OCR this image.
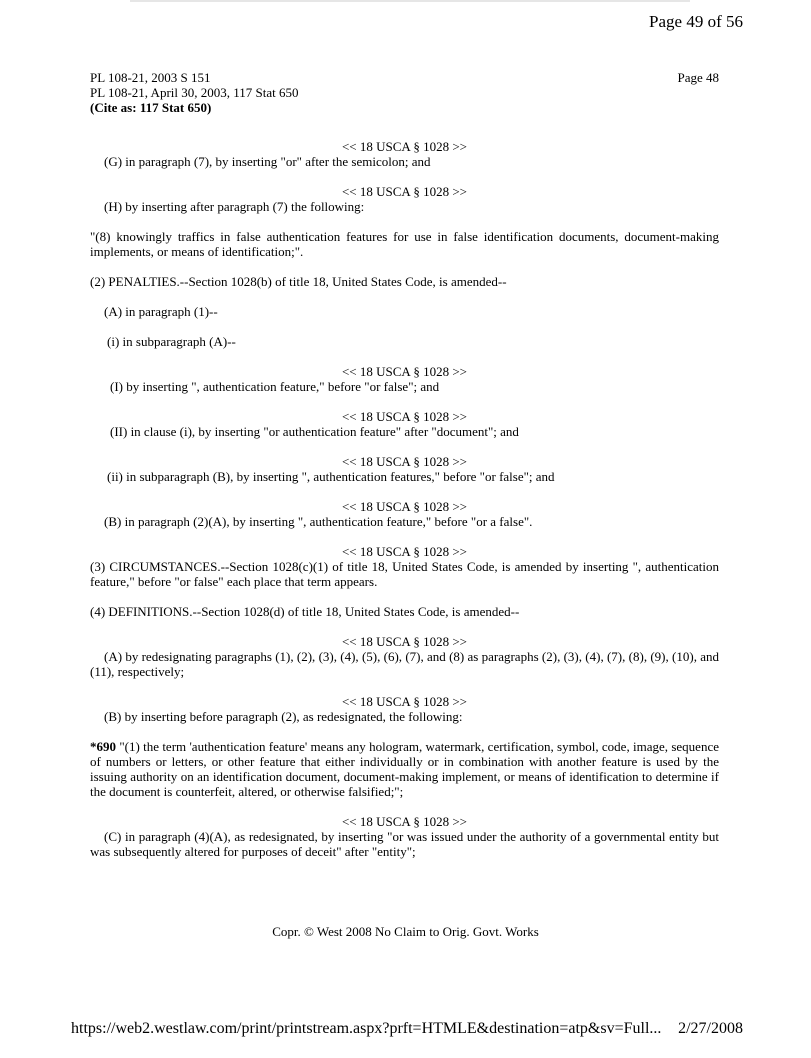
Page 49 of 56
PL 108-21, 2003 S 151
PL 108-21, April 30, 2003, 117 Stat 650
(Cite as: 117 Stat 650)
Page 48

<< 18 USCA § 1028 >>

(G) in paragraph (7), by inserting "or" after the semicolon; and

<< 18 USCA § 1028 >>

(H) by inserting after paragraph (7) the following:

"(8) knowingly traffics in false authentication features for use in false identification documents, document-making implements, or means of identification;".

(2) PENALTIES.--Section 1028(b) of title 18, United States Code, is amended--

(A) in paragraph (1)--

(i) in subparagraph (A)--

<< 18 USCA § 1028 >>

(I) by inserting ", authentication feature," before "or false"; and

<< 18 USCA § 1028 >>

(II) in clause (i), by inserting "or authentication feature" after "document"; and

<< 18 USCA § 1028 >>

(ii) in subparagraph (B), by inserting ", authentication features," before "or false"; and

<< 18 USCA § 1028 >>

(B) in paragraph (2)(A), by inserting ", authentication feature," before "or a false".

<< 18 USCA § 1028 >>

(3) CIRCUMSTANCES.--Section 1028(c)(1) of title 18, United States Code, is amended by inserting ", authentication feature," before "or false" each place that term appears.

(4) DEFINITIONS.--Section 1028(d) of title 18, United States Code, is amended--

<< 18 USCA § 1028 >>

(A) by redesignating paragraphs (1), (2), (3), (4), (5), (6), (7), and (8) as paragraphs (2), (3), (4), (7), (8), (9), (10), and (11), respectively;

<< 18 USCA § 1028 >>

(B) by inserting before paragraph (2), as redesignated, the following:

*690 "(1) the term 'authentication feature' means any hologram, watermark, certification, symbol, code, image, sequence of numbers or letters, or other feature that either individually or in combination with another feature is used by the issuing authority on an identification document, document-making implement, or means of identification to determine if the document is counterfeit, altered, or otherwise falsified;";

<< 18 USCA § 1028 >>

(C) in paragraph (4)(A), as redesignated, by inserting "or was issued under the authority of a governmental entity but was subsequently altered for purposes of deceit" after "entity";

Copr. © West 2008 No Claim to Orig. Govt. Works
https://web2.westlaw.com/print/printstream.aspx?prft=HTMLE&destination=atp&sv=Full... 2/27/2008
